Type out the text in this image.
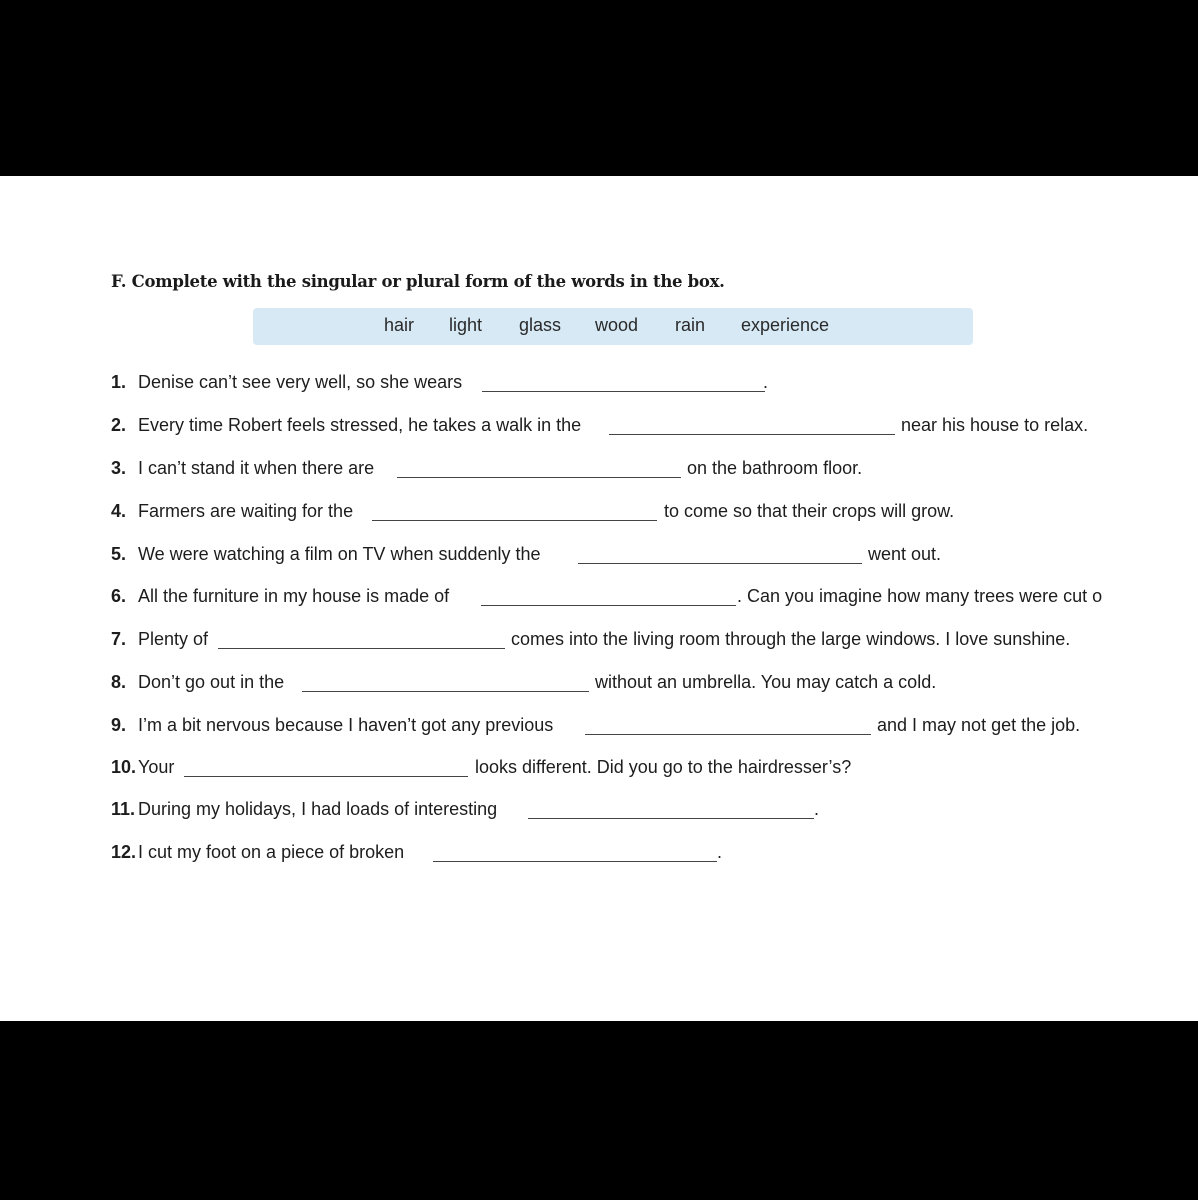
F. Complete with the singular or plural form of the words in the box.
hair light glass wood rain experience
1. Denise can’t see very well, so she wears	.
2. Every time Robert feels stressed, he takes a walk in the	near his house to relax.
3. I can’t stand it when there are	on the bathroom floor.
4. Farmers are waiting for the	to come so that their crops will grow.
5. We were watching a film on TV when suddenly the	went out.
6. All the furniture in my house is made of	. Can you imagine how many trees were cut o
7. Plenty of	comes into the living room through the large windows. I love sunshine.
8. Don’t go out in the	without an umbrella. You may catch a cold.
9. I’m a bit nervous because I haven’t got any previous	and I may not get the job.
10. Your	looks different. Did you go to the hairdresser’s?
11. During my holidays, I had loads of interesting	.
12. I cut my foot on a piece of broken	.
